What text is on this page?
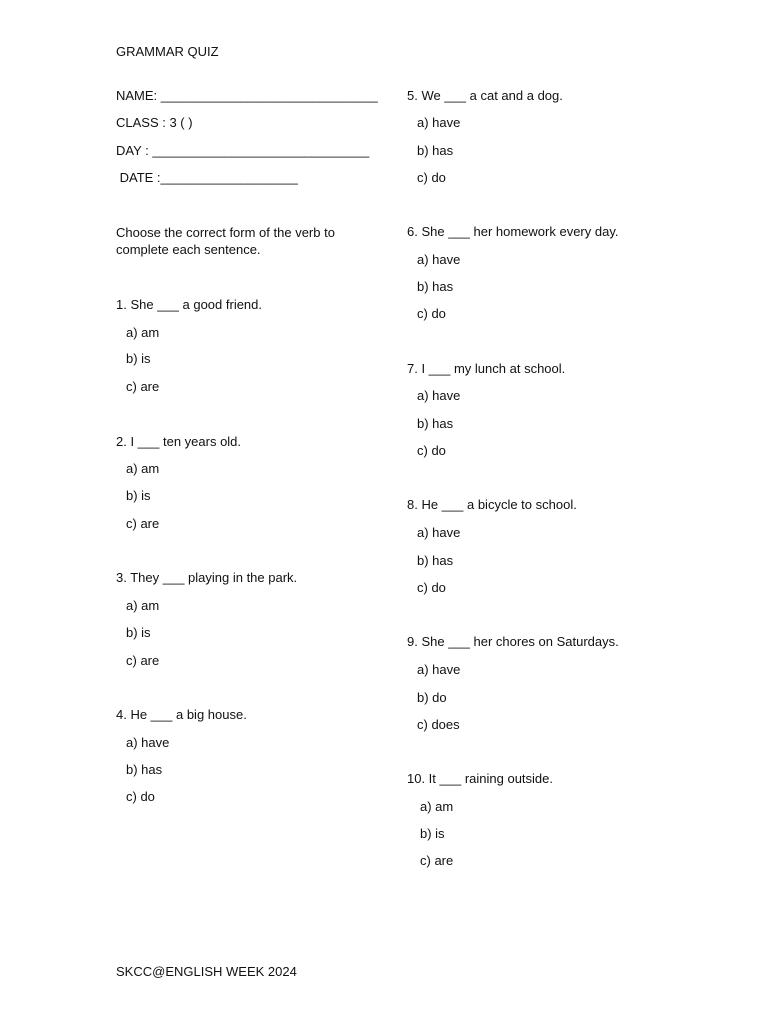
GRAMMAR QUIZ
NAME: ______________________________
CLASS : 3 ( )
DAY : ______________________________
DATE :___________________
Choose the correct form of the verb to complete each sentence.
1. She ___ a good friend.
a) am
b) is
c) are
2. I ___ ten years old.
a) am
b) is
c) are
3. They ___ playing in the park.
a) am
b) is
c) are
4. He ___ a big house.
a) have
b) has
c) do
5. We ___ a cat and a dog.
a) have
b) has
c) do
6. She ___ her homework every day.
a) have
b) has
c) do
7. I ___ my lunch at school.
a) have
b) has
c) do
8. He ___ a bicycle to school.
a) have
b) has
c) do
9. She ___ her chores on Saturdays.
a) have
b) do
c) does
10. It ___ raining outside.
a) am
b) is
c) are
SKCC@ENGLISH WEEK 2024
